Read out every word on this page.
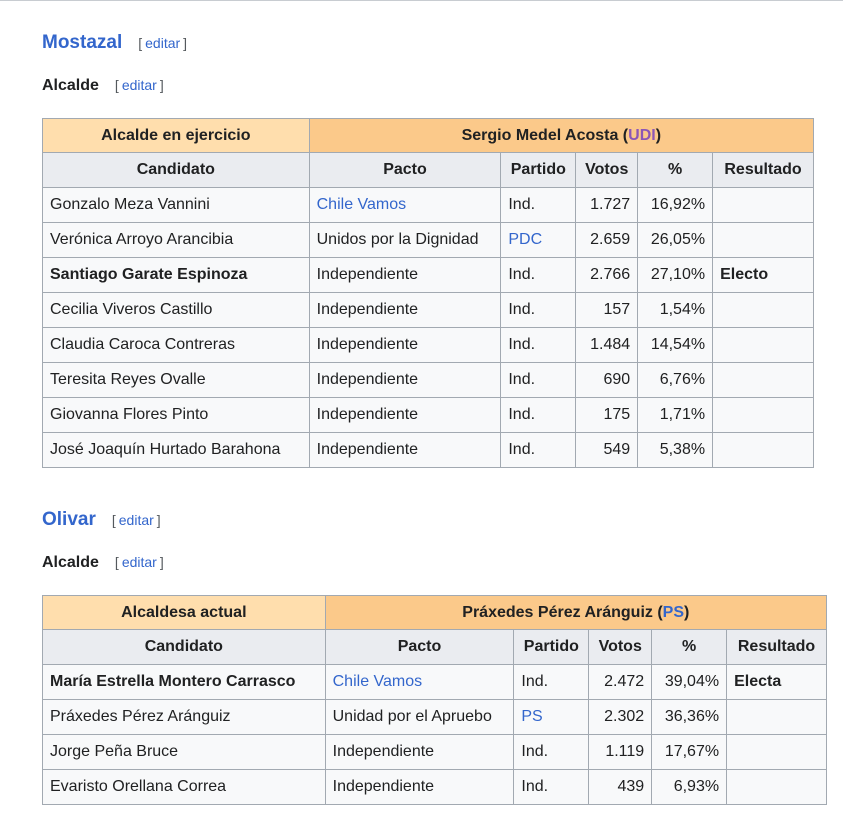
Mostazal [ editar ]
Alcalde [ editar ]
Alcalde en ejercicio	Sergio Medel Acosta (UDI)				
Candidato	Pacto	Partido	Votos	%	Resultado
Gonzalo Meza Vannini	Chile Vamos	Ind.	1.727	16,92%	
Verónica Arroyo Arancibia	Unidos por la Dignidad	PDC	2.659	26,05%	
Santiago Garate Espinoza	Independiente	Ind.	2.766	27,10%	Electo
Cecilia Viveros Castillo	Independiente	Ind.	157	1,54%	
Claudia Caroca Contreras	Independiente	Ind.	1.484	14,54%	
Teresita Reyes Ovalle	Independiente	Ind.	690	6,76%	
Giovanna Flores Pinto	Independiente	Ind.	175	1,71%	
José Joaquín Hurtado Barahona	Independiente	Ind.	549	5,38%	
Olivar [ editar ]
Alcalde [ editar ]
Alcaldesa actual	Práxedes Pérez Aránguiz (PS)				
Candidato	Pacto	Partido	Votos	%	Resultado
María Estrella Montero Carrasco	Chile Vamos	Ind.	2.472	39,04%	Electa
Práxedes Pérez Aránguiz	Unidad por el Apruebo	PS	2.302	36,36%	
Jorge Peña Bruce	Independiente	Ind.	1.119	17,67%	
Evaristo Orellana Correa	Independiente	Ind.	439	6,93%	
